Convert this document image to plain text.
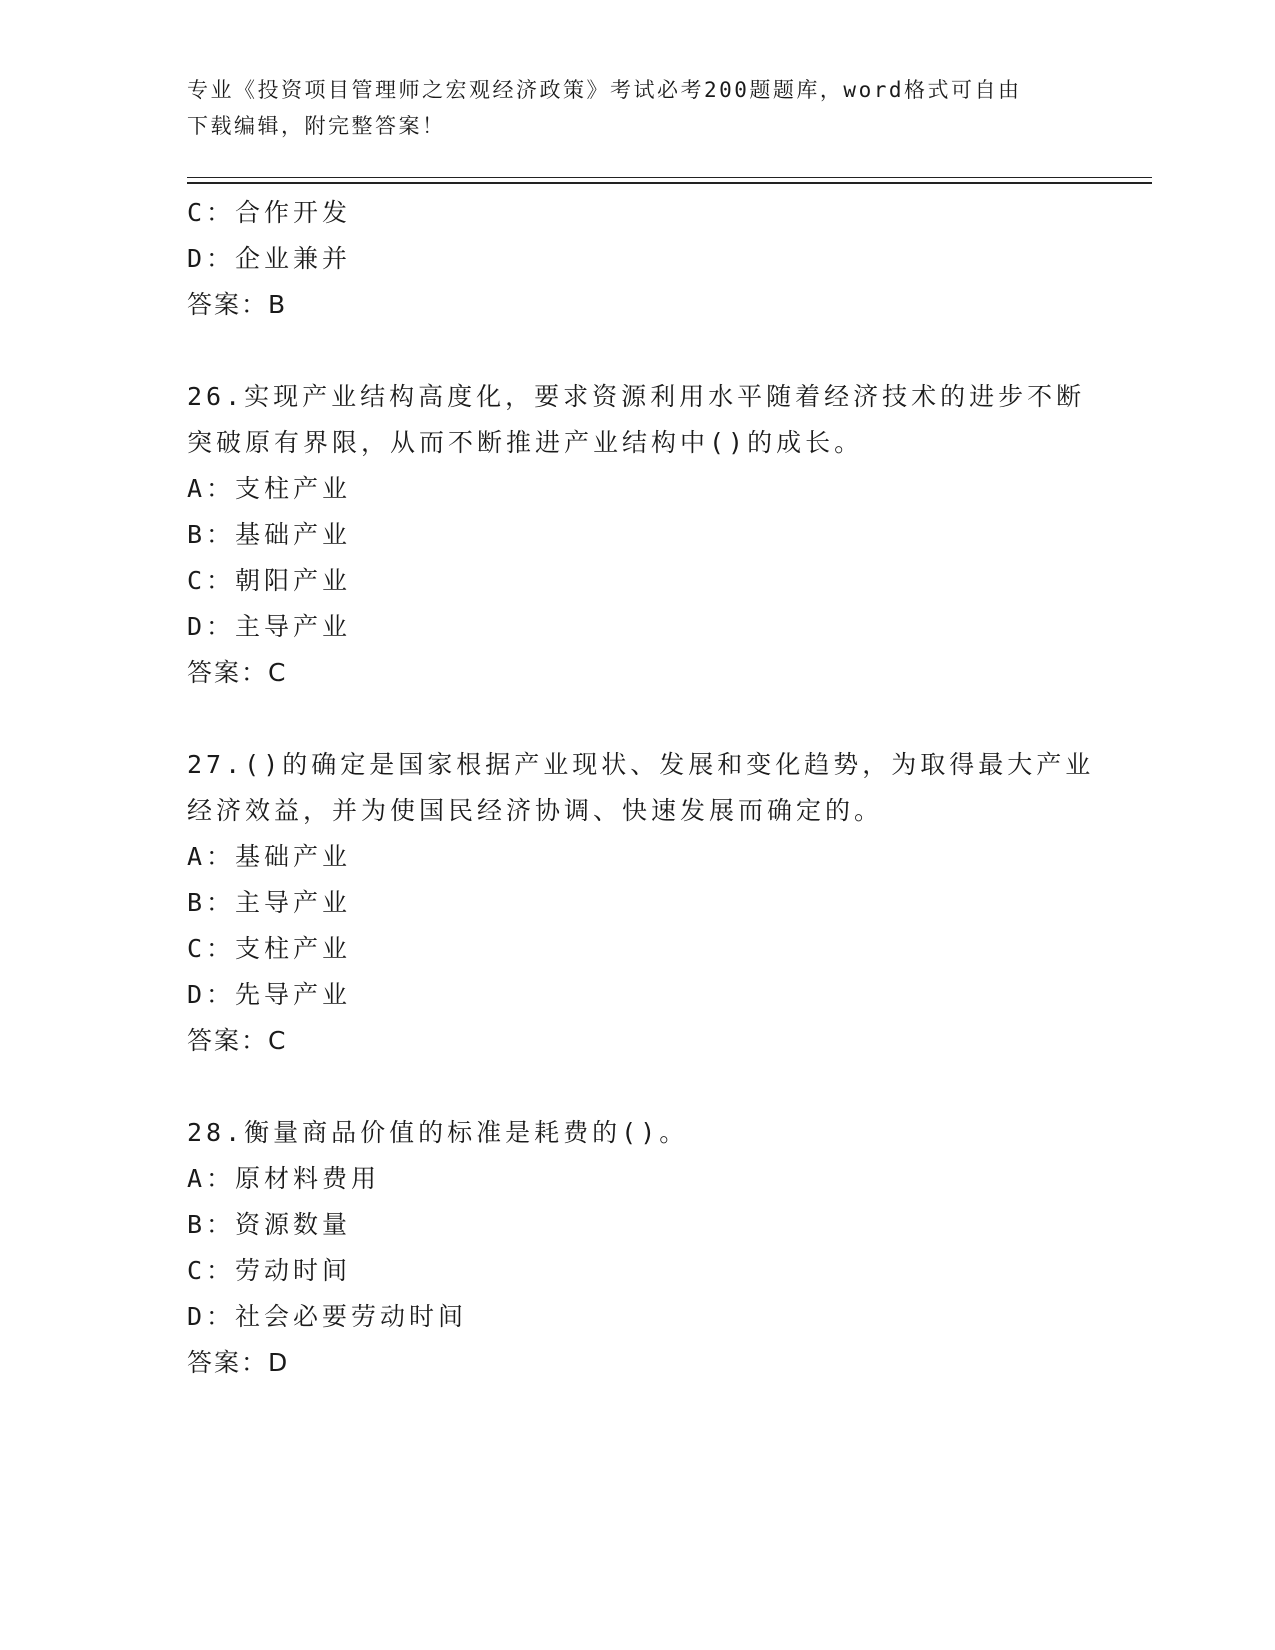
专业《投资项目管理师之宏观经济政策》考试必考200题题库，word格式可自由
下载编辑，附完整答案！
C：合作开发
D：企业兼并
答案：B
26.实现产业结构高度化，要求资源利用水平随着经济技术的进步不断
突破原有界限，从而不断推进产业结构中()的成长。
A：支柱产业
B：基础产业
C：朝阳产业
D：主导产业
答案：C
27.()的确定是国家根据产业现状、发展和变化趋势，为取得最大产业
经济效益，并为使国民经济协调、快速发展而确定的。
A：基础产业
B：主导产业
C：支柱产业
D：先导产业
答案：C
28.衡量商品价值的标准是耗费的()。
A：原材料费用
B：资源数量
C：劳动时间
D：社会必要劳动时间
答案：D
